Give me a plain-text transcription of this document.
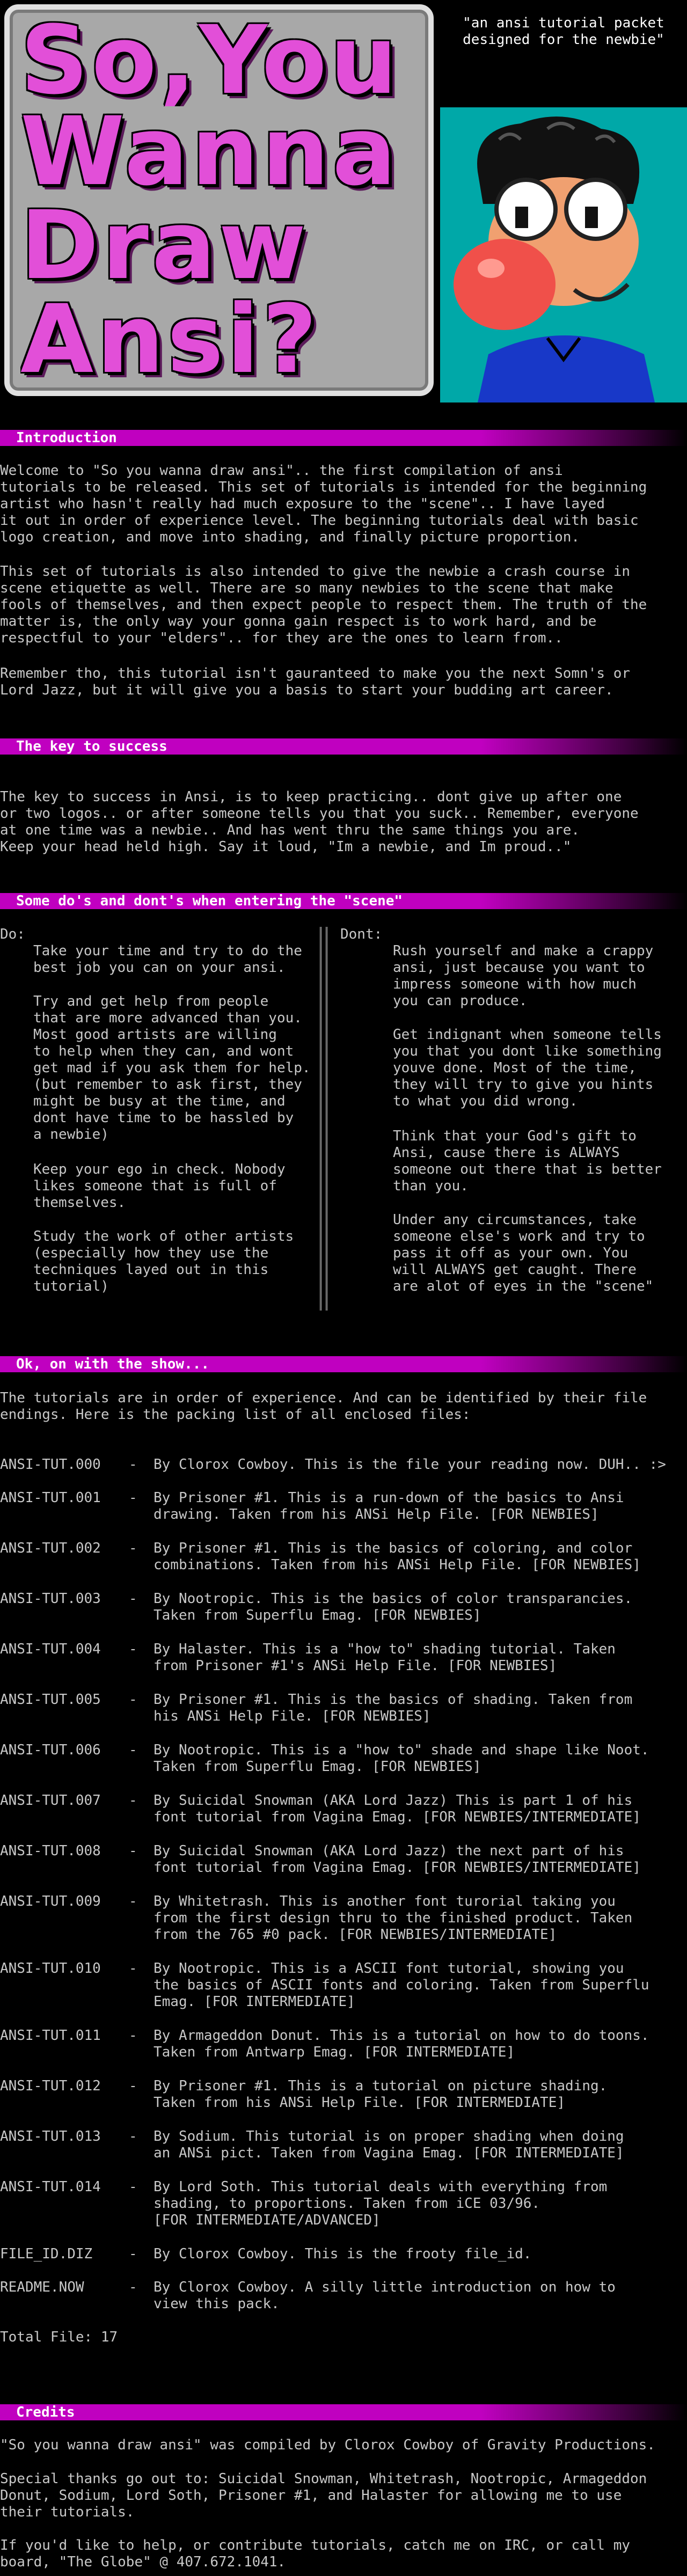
So,You
Wanna
Draw
Ansi?
"an ansi tutorial packet
designed for the newbie"
Introduction
Welcome to "So you wanna draw ansi".. the first compilation of ansi
tutorials to be released. This set of tutorials is intended for the beginning
artist who hasn't really had much exposure to the "scene".. I have layed
it out in order of experience level. The beginning tutorials deal with basic
logo creation, and move into shading, and finally picture proportion.
This set of tutorials is also intended to give the newbie a crash course in
scene etiquette as well. There are so many newbies to the scene that make
fools of themselves, and then expect people to respect them. The truth of the
matter is, the only way your gonna gain respect is to work hard, and be
respectful to your "elders".. for they are the ones to learn from..
Remember tho, this tutorial isn't gauranteed to make you the next Somn's or
Lord Jazz, but it will give you a basis to start your budding art career.
The key to success
The key to success in Ansi, is to keep practicing.. dont give up after one
or two logos.. or after someone tells you that you suck.. Remember, everyone
at one time was a newbie.. And has went thru the same things you are.
Keep your head held high. Say it loud, "Im a newbie, and Im proud.."
Some do's and dont's when entering the "scene"
Do:	Dont:
Take your time and try to do the
best job you can on your ansi.
Try and get help from people
that are more advanced than you.
Most good artists are willing
to help when they can, and wont
get mad if you ask them for help.
(but remember to ask first, they
might be busy at the time, and
dont have time to be hassled by
a newbie)
Keep your ego in check. Nobody
likes someone that is full of
themselves.
Study the work of other artists
(especially how they use the
techniques layed out in this
tutorial)
Rush yourself and make a crappy
ansi, just because you want to
impress someone with how much
you can produce.
Get indignant when someone tells
you that you dont like something
youve done. Most of the time,
they will try to give you hints
to what you did wrong.
Think that your God's gift to
Ansi, cause there is ALWAYS
someone out there that is better
than you.
Under any circumstances, take
someone else's work and try to
pass it off as your own. You
will ALWAYS get caught. There
are alot of eyes in the "scene"
Ok, on with the show...
The tutorials are in order of experience. And can be identified by their file
endings. Here is the packing list of all enclosed files:
ANSI-TUT.000	- By Clorox Cowboy. This is the file your reading now. DUH.. :>
ANSI-TUT.001	- By Prisoner #1. This is a run-down of the basics to Ansi
drawing. Taken from his ANSi Help File. [FOR NEWBIES]
ANSI-TUT.002	- By Prisoner #1. This is the basics of coloring, and color
combinations. Taken from his ANSi Help File. [FOR NEWBIES]
ANSI-TUT.003	- By Nootropic. This is the basics of color transparancies.
Taken from Superflu Emag. [FOR NEWBIES]
ANSI-TUT.004	- By Halaster. This is a "how to" shading tutorial. Taken
from Prisoner #1's ANSi Help File. [FOR NEWBIES]
ANSI-TUT.005	- By Prisoner #1. This is the basics of shading. Taken from
his ANSi Help File. [FOR NEWBIES]
ANSI-TUT.006	- By Nootropic. This is a "how to" shade and shape like Noot.
Taken from Superflu Emag. [FOR NEWBIES]
ANSI-TUT.007	- By Suicidal Snowman (AKA Lord Jazz) This is part 1 of his
font tutorial from Vagina Emag. [FOR NEWBIES/INTERMEDIATE]
ANSI-TUT.008	- By Suicidal Snowman (AKA Lord Jazz) the next part of his
font tutorial from Vagina Emag. [FOR NEWBIES/INTERMEDIATE]
ANSI-TUT.009	- By Whitetrash. This is another font turorial taking you
from the first design thru to the finished product. Taken
from the 765 #0 pack. [FOR NEWBIES/INTERMEDIATE]
ANSI-TUT.010	- By Nootropic. This is a ASCII font tutorial, showing you
the basics of ASCII fonts and coloring. Taken from Superflu
Emag. [FOR INTERMEDIATE]
ANSI-TUT.011	- By Armageddon Donut. This is a tutorial on how to do toons.
Taken from Antwarp Emag. [FOR INTERMEDIATE]
ANSI-TUT.012	- By Prisoner #1. This is a tutorial on picture shading.
Taken from his ANSi Help File. [FOR INTERMEDIATE]
ANSI-TUT.013	- By Sodium. This tutorial is on proper shading when doing
an ANSi pict. Taken from Vagina Emag. [FOR INTERMEDIATE]
ANSI-TUT.014	- By Lord Soth. This tutorial deals with everything from
shading, to proportions. Taken from iCE 03/96.
[FOR INTERMEDIATE/ADVANCED]
FILE_ID.DIZ	- By Clorox Cowboy. This is the frooty file_id.
README.NOW	- By Clorox Cowboy. A silly little introduction on how to
view this pack.
Total File: 17
Credits
"So you wanna draw ansi" was compiled by Clorox Cowboy of Gravity Productions.
Special thanks go out to: Suicidal Snowman, Whitetrash, Nootropic, Armageddon
Donut, Sodium, Lord Soth, Prisoner #1, and Halaster for allowing me to use
their tutorials.
If you'd like to help, or contribute tutorials, catch me on IRC, or call my
board, "The Globe" @ 407.672.1041.
